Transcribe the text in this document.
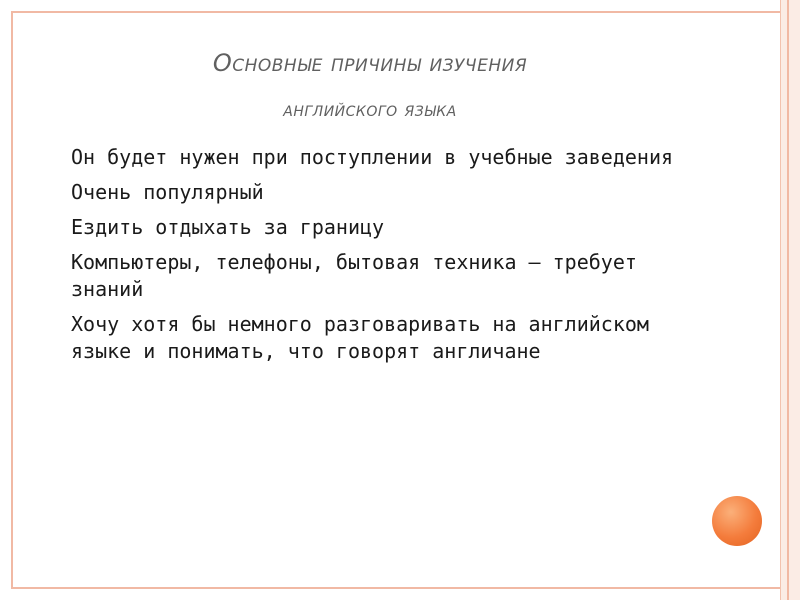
Основные причины изучения
английского языка
Он будет нужен при поступлении в учебные заведения
Очень популярный
Ездить отдыхать за границу
Компьютеры, телефоны, бытовая техника – требует знаний
Хочу хотя бы немного разговаривать на английском языке и понимать, что говорят англичане
